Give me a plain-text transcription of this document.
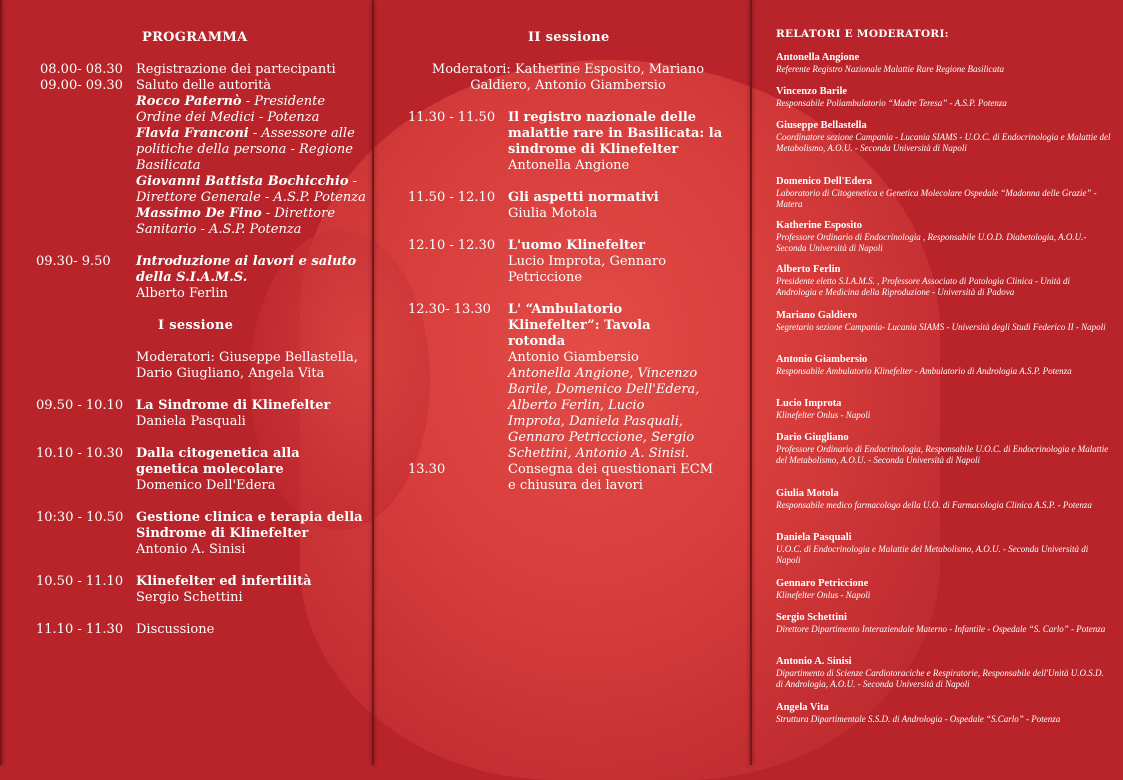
PROGRAMMA
08.00- 08.30	Registrazione dei partecipanti
09.00- 09.30	Saluto delle autorità
Rocco Paternò - Presidente Ordine dei Medici - Potenza
Flavia Franconi - Assessore alle politiche della persona - Regione Basilicata
Giovanni Battista Bochicchio - Direttore Generale - A.S.P. Potenza
Massimo De Fino - Direttore Sanitario - A.S.P. Potenza
09.30- 9.50	Introduzione ai lavori e saluto della S.I.A.M.S.
Alberto Ferlin
I sessione
Moderatori: Giuseppe Bellastella, Dario Giugliano, Angela Vita
09.50 - 10.10 La Sindrome di Klinefelter
Daniela Pasquali
10.10 - 10.30 Dalla citogenetica alla genetica molecolare
Domenico Dell'Edera
10:30 - 10.50 Gestione clinica e terapia della Sindrome di Klinefelter
Antonio A. Sinisi
10.50 - 11.10 Klinefelter ed infertilità
Sergio Schettini
11.10 - 11.30 Discussione
II sessione
Moderatori: Katherine Esposito, Mariano Galdiero, Antonio Giambersio
11.30 - 11.50 Il registro nazionale delle malattie rare in Basilicata: la sindrome di Klinefelter
Antonella Angione
11.50 - 12.10 Gli aspetti normativi
Giulia Motola
12.10 - 12.30 L'uomo Klinefelter
Lucio Improta, Gennaro Petriccione
12.30- 13.30	L' “Ambulatorio Klinefelter”: Tavola rotonda
Antonio Giambersio
Antonella Angione, Vincenzo Barile, Domenico Dell'Edera, Alberto Ferlin, Lucio Improta, Daniela Pasquali, Gennaro Petriccione, Sergio Schettini, Antonio A. Sinisi.
13.30	Consegna dei questionari ECM e chiusura dei lavori
RELATORI E MODERATORI:
Antonella Angione
Referente Registro Nazionale Malattie Rare Regione Basilicata
Vincenzo Barile
Responsabile Poliambulatorio “Madre Teresa” - A.S.P. Potenza
Giuseppe Bellastella
Coordinatore sezione Campania - Lucania SIAMS - U.O.C. di Endocrinologia e Malattie del Metabolismo, A.O.U. - Seconda Università di Napoli
Domenico Dell'Edera
Laboratorio di Citogenetica e Genetica Molecolare Ospedale “Madonna delle Grazie” - Matera
Katherine Esposito
Professore Ordinario di Endocrinologia , Responsabile U.O.D. Diabetologia, A.O.U.- Seconda Università di Napoli
Alberto Ferlin
Presidente eletto S.I.A.M.S. , Professore Associato di Patologia Clinica - Unità di Andrologia e Medicina della Riproduzione - Università di Padova
Mariano Galdiero
Segretario sezione Campania- Lucania SIAMS - Università degli Studi Federico II - Napoli
Antonio Giambersio
Responsabile Ambulatorio Klinefelter - Ambulatorio di Andrologia A.S.P. Potenza
Lucio Improta
Klinefelter Onlus - Napoli
Dario Giugliano
Professore Ordinario di Endocrinologia, Responsabile U.O.C. di Endocrinologia e Malattie del Metabolismo, A.O.U. - Seconda Università di Napoli
Giulia Motola
Responsabile medico farmacologo della U.O. di Farmacologia Clinica A.S.P. - Potenza
Daniela Pasquali
U.O.C. di Endocrinologia e Malattie del Metabolismo, A.O.U. - Seconda Università di Napoli
Gennaro Petriccione
Klinefelter Onlus - Napoli
Sergio Schettini
Direttore Dipartimento Interaziendale Materno - Infantile - Ospedale “S. Carlo” - Potenza
Antonio A. Sinisi
Dipartimento di Scienze Cardiotoraciche e Respiratorie, Responsabile dell'Unità U.O.S.D. di Andrologia, A.O.U. - Seconda Università di Napoli
Angela Vita
Struttura Dipartimentale S.S.D. di Andrologia - Ospedale “S.Carlo” - Potenza
